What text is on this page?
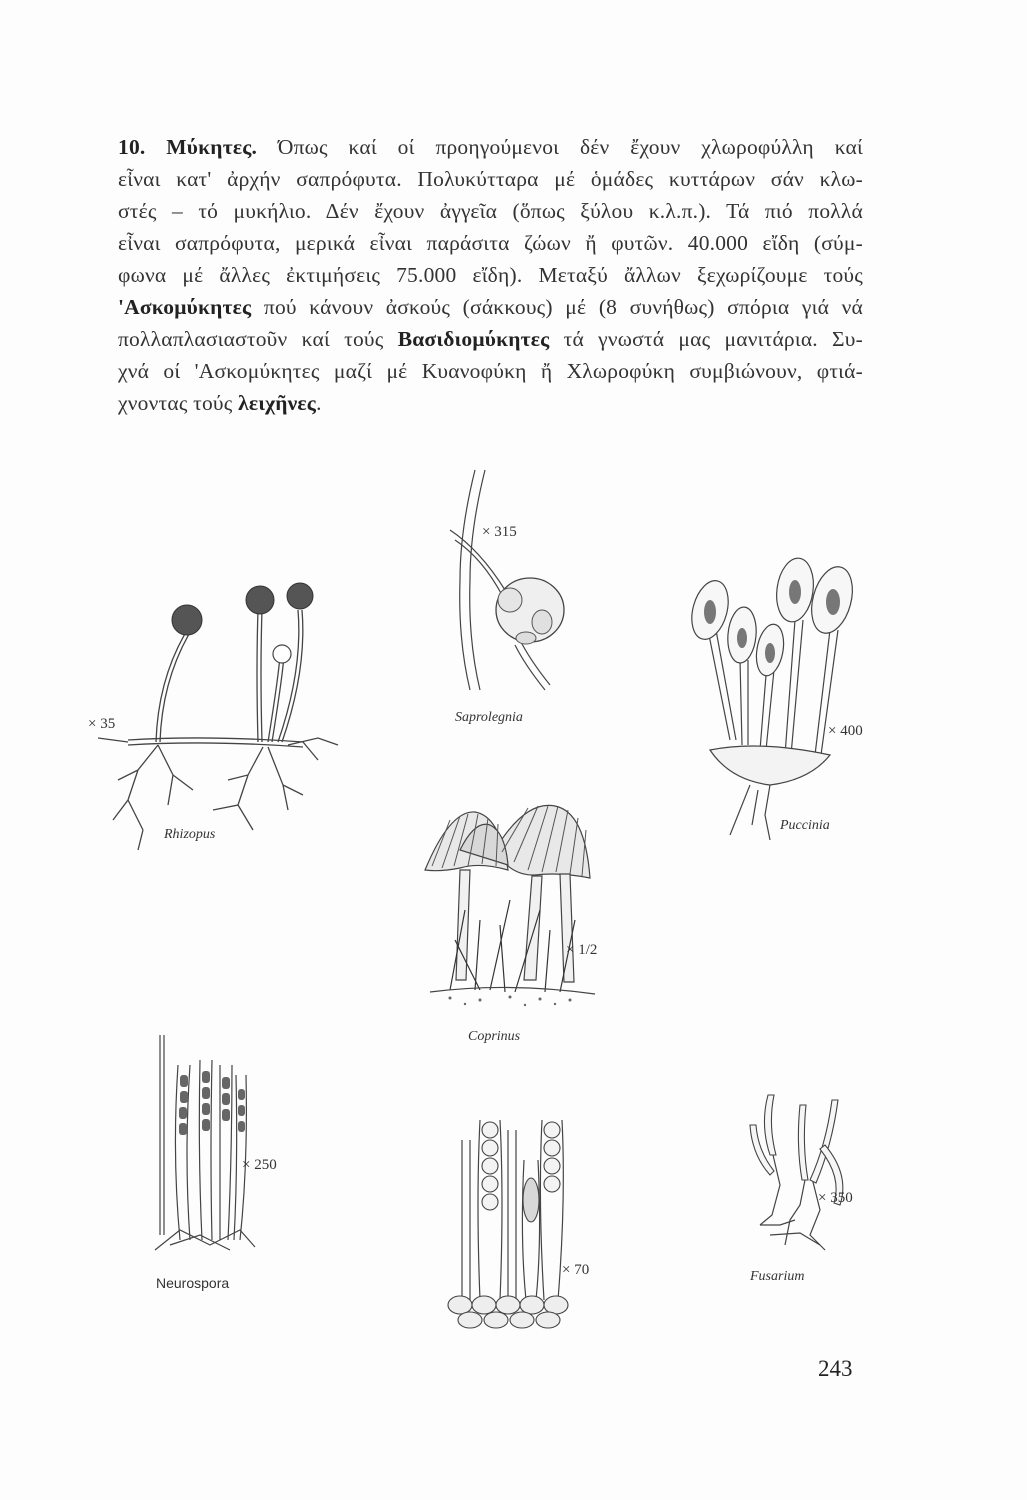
10. Μύκητες. Όπως καί οί προηγούμενοι δέν ἔχουν χλωροφύλλη καί
εἶναι κατ' ἀρχήν σαπρόφυτα. Πολυκύτταρα μέ ὁμάδες κυττάρων σάν κλω-
στές – τό μυκήλιο. Δέν ἔχουν ἀγγεῖα (ὅπως ξύλου κ.λ.π.). Τά πιό πολλά
εἶναι σαπρόφυτα, μερικά εἶναι παράσιτα ζώων ἤ φυτῶν. 40.000 εἴδη (σύμ-
φωνα μέ ἄλλες ἐκτιμήσεις 75.000 εἴδη). Μεταξύ ἄλλων ξεχωρίζουμε τούς
'Ασκομύκητες πού κάνουν ἀσκούς (σάκκους) μέ (8 συνήθως) σπόρια γιά νά
πολλαπλασιαστοῦν καί τούς Βασιδιομύκητες τά γνωστά μας μανιτάρια. Συ-
χνά οί 'Ασκομύκητες μαζί μέ Κυανοφύκη ἤ Χλωροφύκη συμβιώνουν, φτιά-
χνοντας τούς λειχῆνες.
× 35
Rhizopus
× 315
Saprolegnia
× 400
Puccinia
× 1/2
Coprinus
× 250
Neurospora
× 70
× 350
Fusarium
243
